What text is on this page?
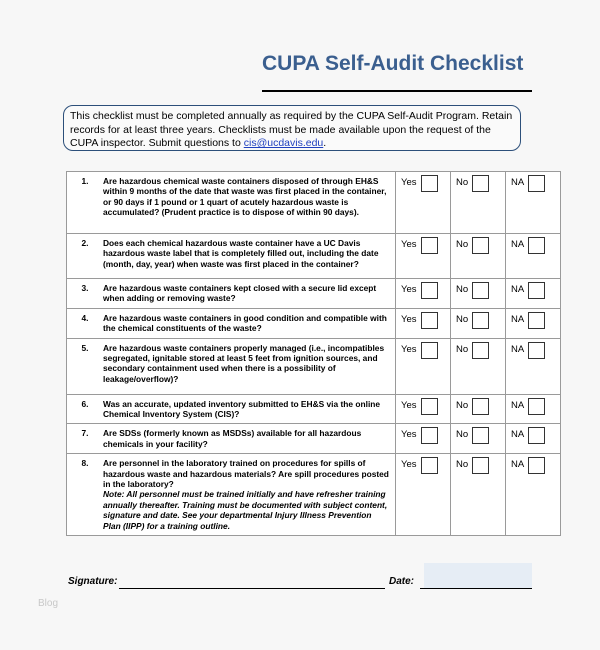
CUPA Self-Audit Checklist
This checklist must be completed annually as required by the CUPA Self-Audit Program. Retain records for at least three years. Checklists must be made available upon the request of the CUPA inspector. Submit questions to cis@ucdavis.edu.
1.	Are hazardous chemical waste containers disposed of through EH&S within 9 months of the date that waste was first placed in the container, or 90 days if 1 pound or 1 quart of acutely hazardous waste is accumulated? (Prudent practice is to dispose of within 90 days).	Yes	No	NA
2.	Does each chemical hazardous waste container have a UC Davis hazardous waste label that is completely filled out, including the date (month, day, year) when waste was first placed in the container?	Yes	No	NA
3.	Are hazardous waste containers kept closed with a secure lid except when adding or removing waste?	Yes	No	NA
4.	Are hazardous waste containers in good condition and compatible with the chemical constituents of the waste?	Yes	No	NA
5.	Are hazardous waste containers properly managed (i.e., incompatibles segregated, ignitable stored at least 5 feet from ignition sources, and secondary containment used when there is a possibility of leakage/overflow)?	Yes	No	NA
6.	Was an accurate, updated inventory submitted to EH&S via the online Chemical Inventory System (CIS)?	Yes	No	NA
7.	Are SDSs (formerly known as MSDSs) available for all hazardous chemicals in your facility?	Yes	No	NA
8.	Are personnel in the laboratory trained on procedures for spills of hazardous waste and hazardous materials? Are spill procedures posted in the laboratory?
Note: All personnel must be trained initially and have refresher training annually thereafter. Training must be documented with subject content, signature and date. See your departmental Injury Illness Prevention Plan (IIPP) for a training outline.	Yes	No	NA
Signature:	Date:
Blog
